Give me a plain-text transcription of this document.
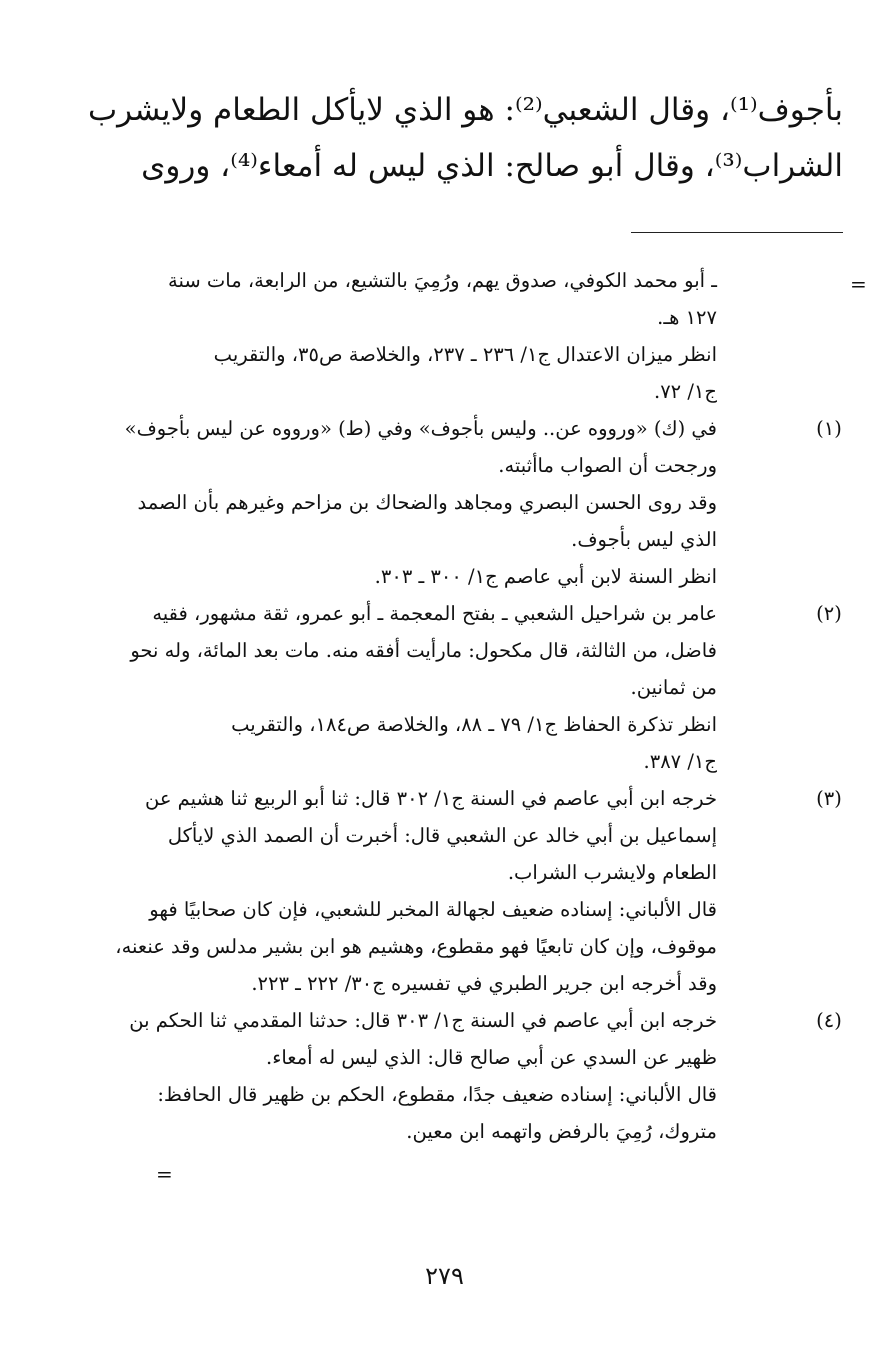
بأجوف⁽¹⁾، وقال الشعبي⁽²⁾: هو الذي لايأكل الطعام ولايشرب
الشراب⁽³⁾، وقال أبو صالح: الذي ليس له أمعاء⁽⁴⁾، وروى
=
ـ أبو محمد الكوفي، صدوق يهم، ورُمِيَ بالتشيع، من الرابعة، مات سنة
١٢٧ هـ.
انظر ميزان الاعتدال ج١/ ٢٣٦ ـ ٢٣٧، والخلاصة ص٣٥، والتقريب
ج١/ ٧٢.
(١)
في (ك) «ورووه عن.. وليس بأجوف» وفي (ط) «ورووه عن ليس بأجوف»
ورجحت أن الصواب ماأثبته.
وقد روى الحسن البصري ومجاهد والضحاك بن مزاحم وغيرهم بأن الصمد
الذي ليس بأجوف.
انظر السنة لابن أبي عاصم ج١/ ٣٠٠ ـ ٣٠٣.
(٢)
عامر بن شراحيل الشعبي ـ بفتح المعجمة ـ أبو عمرو، ثقة مشهور، فقيه
فاضل، من الثالثة، قال مكحول: مارأيت أفقه منه. مات بعد المائة، وله نحو
من ثمانين.
انظر تذكرة الحفاظ ج١/ ٧٩ ـ ٨٨، والخلاصة ص١٨٤، والتقريب
ج١/ ٣٨٧.
(٣)
خرجه ابن أبي عاصم في السنة ج١/ ٣٠٢ قال: ثنا أبو الربيع ثنا هشيم عن
إسماعيل بن أبي خالد عن الشعبي قال: أخبرت أن الصمد الذي لايأكل
الطعام ولايشرب الشراب.
قال الألباني: إسناده ضعيف لجهالة المخبر للشعبي، فإن كان صحابيًا فهو
موقوف، وإن كان تابعيًا فهو مقطوع، وهشيم هو ابن بشير مدلس وقد عنعنه،
وقد أخرجه ابن جرير الطبري في تفسيره ج٣٠/ ٢٢٢ ـ ٢٢٣.
(٤)
خرجه ابن أبي عاصم في السنة ج١/ ٣٠٣ قال: حدثنا المقدمي ثنا الحكم بن
ظهير عن السدي عن أبي صالح قال: الذي ليس له أمعاء.
قال الألباني: إسناده ضعيف جدًا، مقطوع، الحكم بن ظهير قال الحافظ:
متروك، رُمِيَ بالرفض واتهمه ابن معين.
=
٢٧٩
